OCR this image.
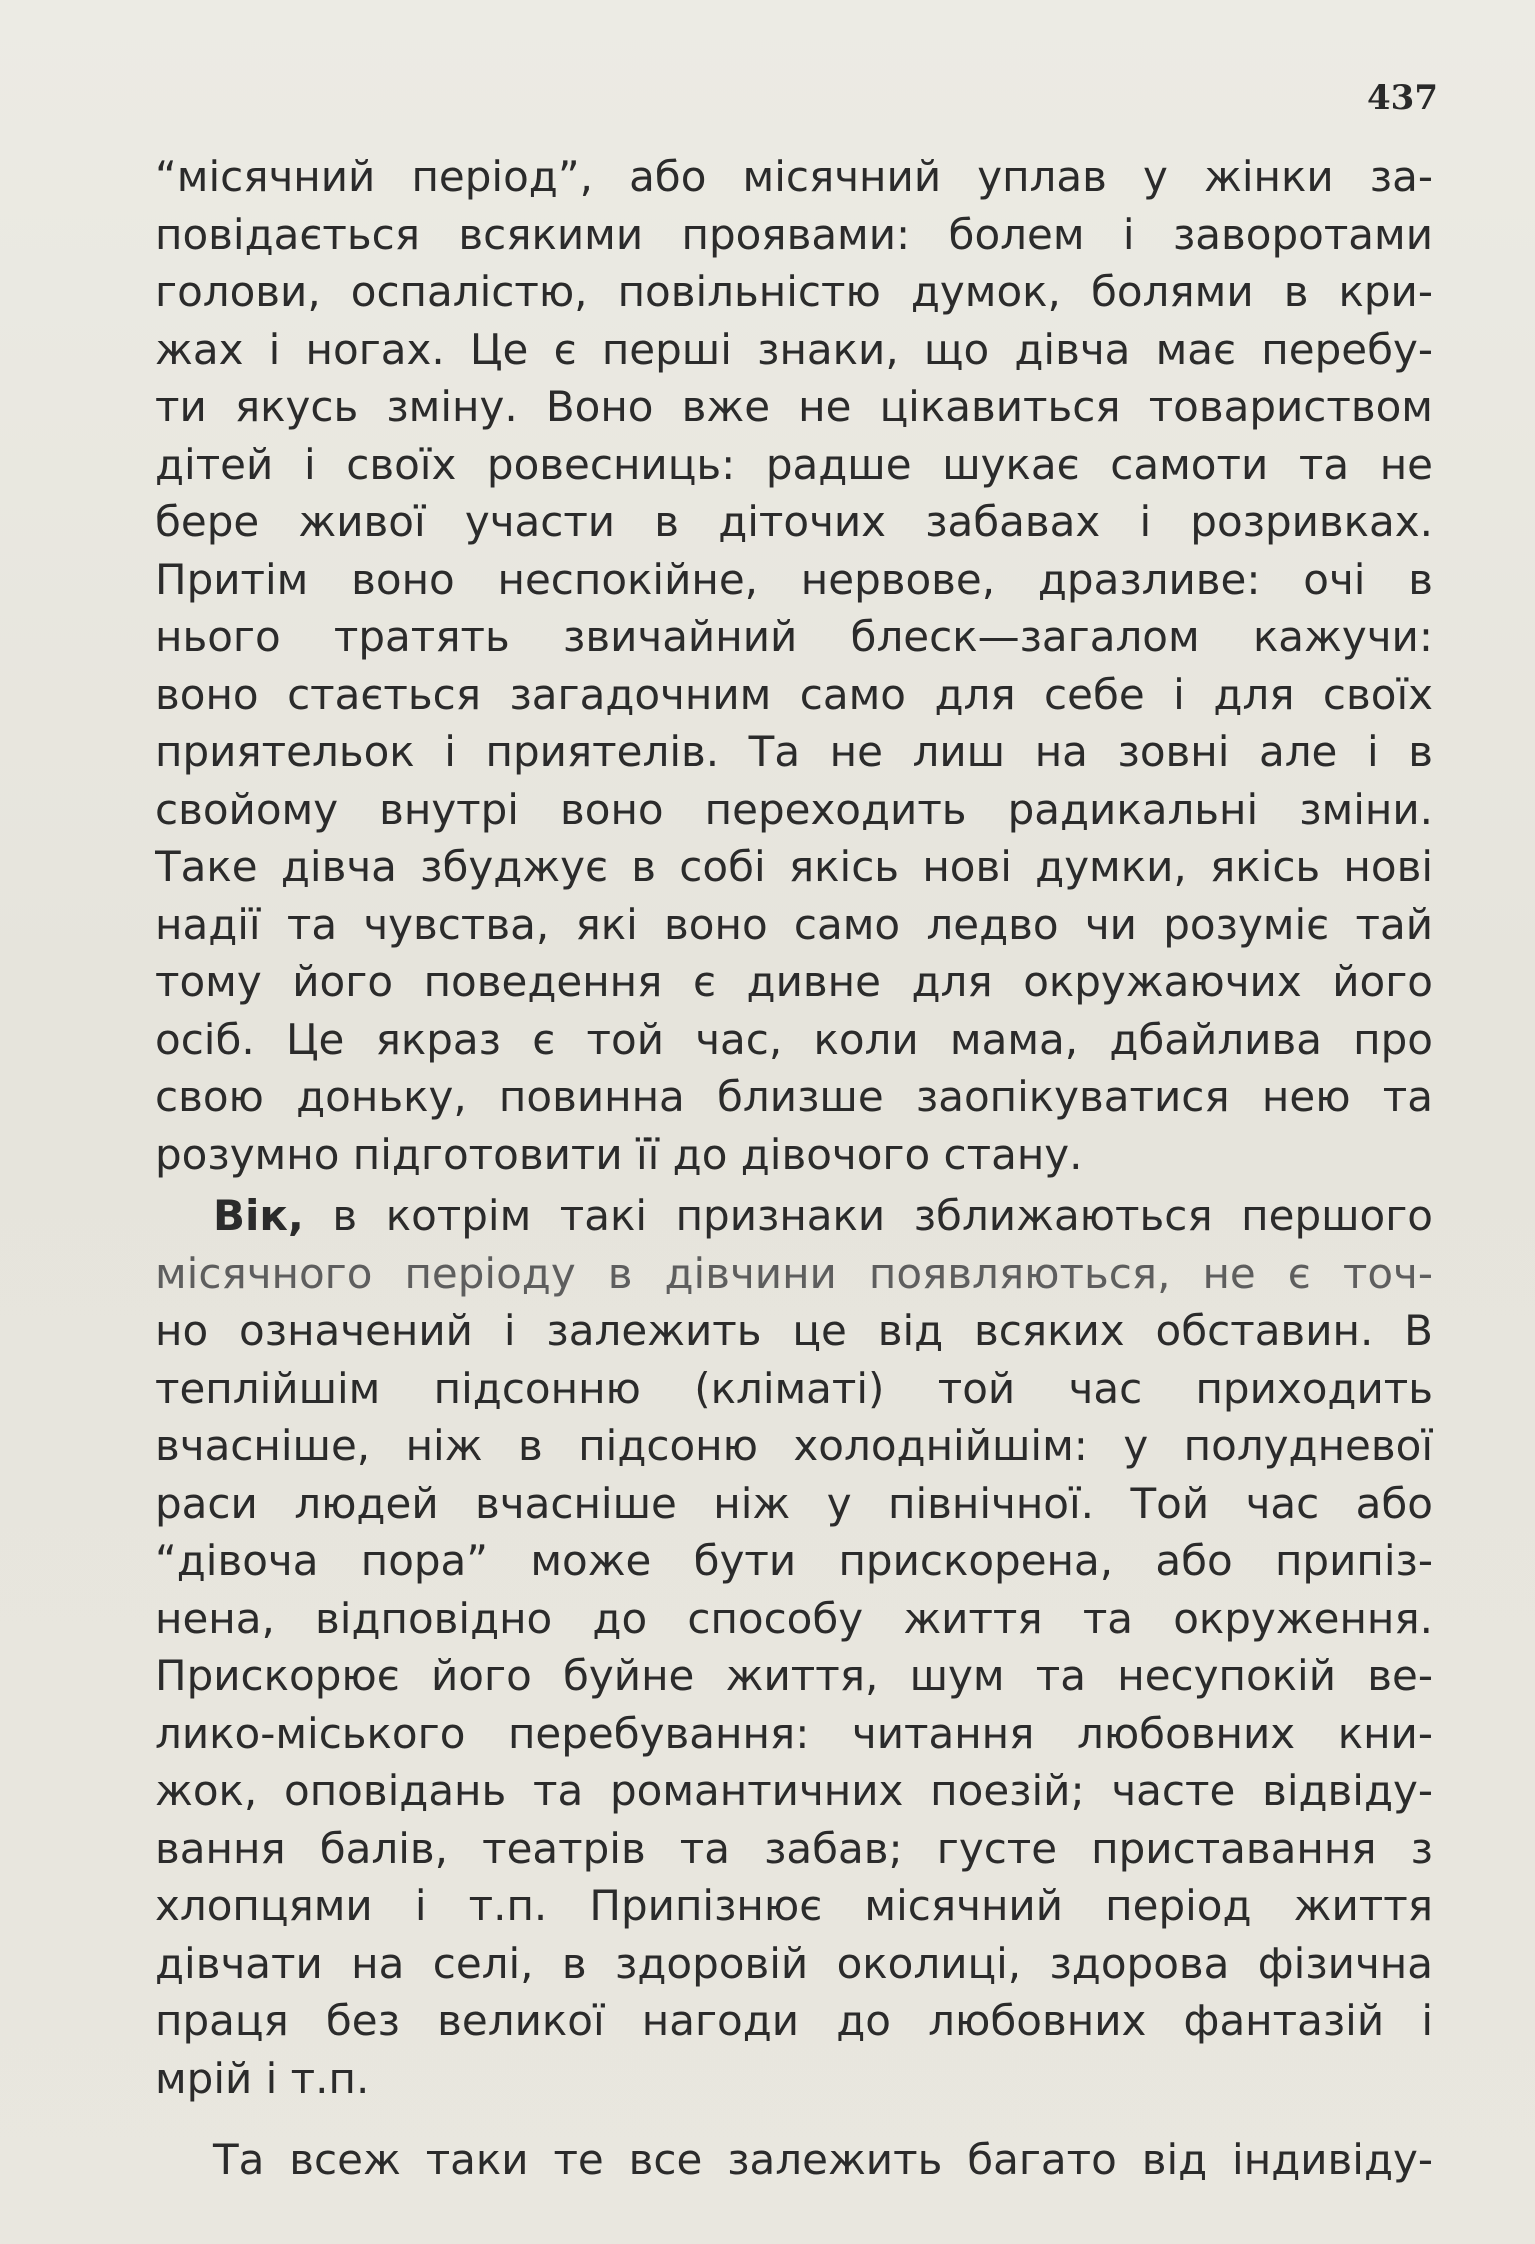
437
“місячний період”, або місячний уплав у жінки за-
повідається всякими проявами: болем і заворотами
голови, оспалістю, повільністю думок, болями в кри-
жах і ногах. Це є перші знаки, що дівча має перебу-
ти якусь зміну. Воно вже не цікавиться товариством
дітей і своїх ровесниць: радше шукає самоти та не
бере живої участи в діточих забавах і розривках.
Притім воно неспокійне, нервове, дразливе: очі в
нього тратять звичайний блеск—загалом кажучи:
воно стається загадочним само для себе і для своїх
приятельок і приятелів. Та не лиш на зовні але і в
свойому внутрі воно переходить радикальні зміни.
Таке дівча збуджує в собі якісь нові думки, якісь нові
надії та чувства, які воно само ледво чи розуміє тай
тому його поведення є дивне для окружаючих його
осіб. Це якраз є той час, коли мама, дбайлива про
свою доньку, повинна близше заопікуватися нею та
розумно підготовити її до дівочого стану.
Вік, в котрім такі признаки зближаються першого
місячного періоду в дівчини появляються, не є точ-
но означений і залежить це від всяких обставин. В
теплійшім підсонню (кліматі) той час приходить
вчасніше, ніж в підсоню холоднійшім: у полудневої
раси людей вчасніше ніж у північної. Той час або
“дівоча пора” може бути прискорена, або припіз-
нена, відповідно до способу життя та окруження.
Прискорює його буйне життя, шум та несупокій ве-
лико-міського перебування: читання любовних кни-
жок, оповідань та романтичних поезій; часте відвіду-
вання балів, театрів та забав; густе приставання з
хлопцями і т.п. Припізнює місячний період життя
дівчати на селі, в здоровій околиці, здорова фізична
праця без великої нагоди до любовних фантазій і
мрій і т.п.
Та всеж таки те все залежить багато від індивіду-
